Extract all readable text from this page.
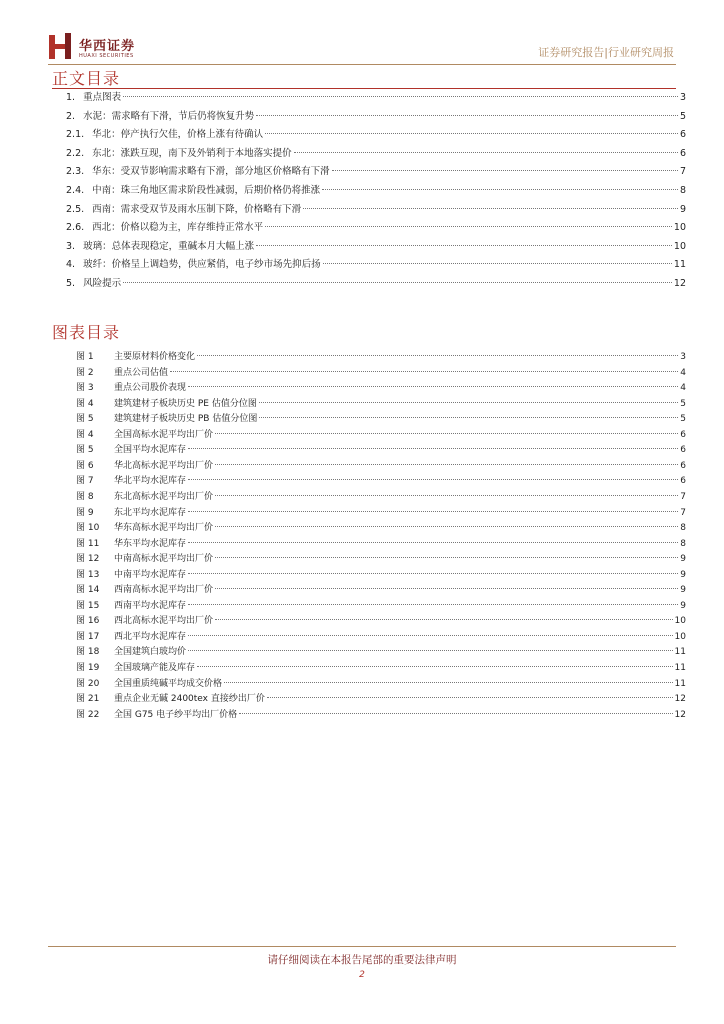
华西证券
HUAXI SECURITIES	证券研究报告|行业研究周报
正文目录
1. 重点图表	3
2. 水泥：需求略有下滑，节后仍将恢复升势	5
2.1. 华北：停产执行欠佳，价格上涨有待确认	6
2.2. 东北：涨跌互现，南下及外销利于本地落实提价	6
2.3. 华东：受双节影响需求略有下滑，部分地区价格略有下滑	7
2.4. 中南：珠三角地区需求阶段性减弱，后期价格仍将推涨	8
2.5. 西南：需求受双节及雨水压制下降，价格略有下滑	9
2.6. 西北：价格以稳为主，库存维持正常水平	10
3. 玻璃：总体表现稳定，重碱本月大幅上涨	10
4. 玻纤：价格呈上调趋势，供应紧俏，电子纱市场先抑后扬	11
5. 风险提示	12
图表目录
图 1	主要原材料价格变化	3
图 2	重点公司估值	4
图 3	重点公司股价表现	4
图 4	建筑建材子板块历史 PE 估值分位图	5
图 5	建筑建材子板块历史 PB 估值分位图	5
图 4	全国高标水泥平均出厂价	6
图 5	全国平均水泥库存	6
图 6	华北高标水泥平均出厂价	6
图 7	华北平均水泥库存	6
图 8	东北高标水泥平均出厂价	7
图 9	东北平均水泥库存	7
图 10	华东高标水泥平均出厂价	8
图 11	华东平均水泥库存	8
图 12	中南高标水泥平均出厂价	9
图 13	中南平均水泥库存	9
图 14	西南高标水泥平均出厂价	9
图 15	西南平均水泥库存	9
图 16	西北高标水泥平均出厂价	10
图 17	西北平均水泥库存	10
图 18	全国建筑白玻均价	11
图 19	全国玻璃产能及库存	11
图 20	全国重质纯碱平均成交价格	11
图 21	重点企业无碱 2400tex 直接纱出厂价	12
图 22	全国 G75 电子纱平均出厂价格	12
请仔细阅读在本报告尾部的重要法律声明
2
